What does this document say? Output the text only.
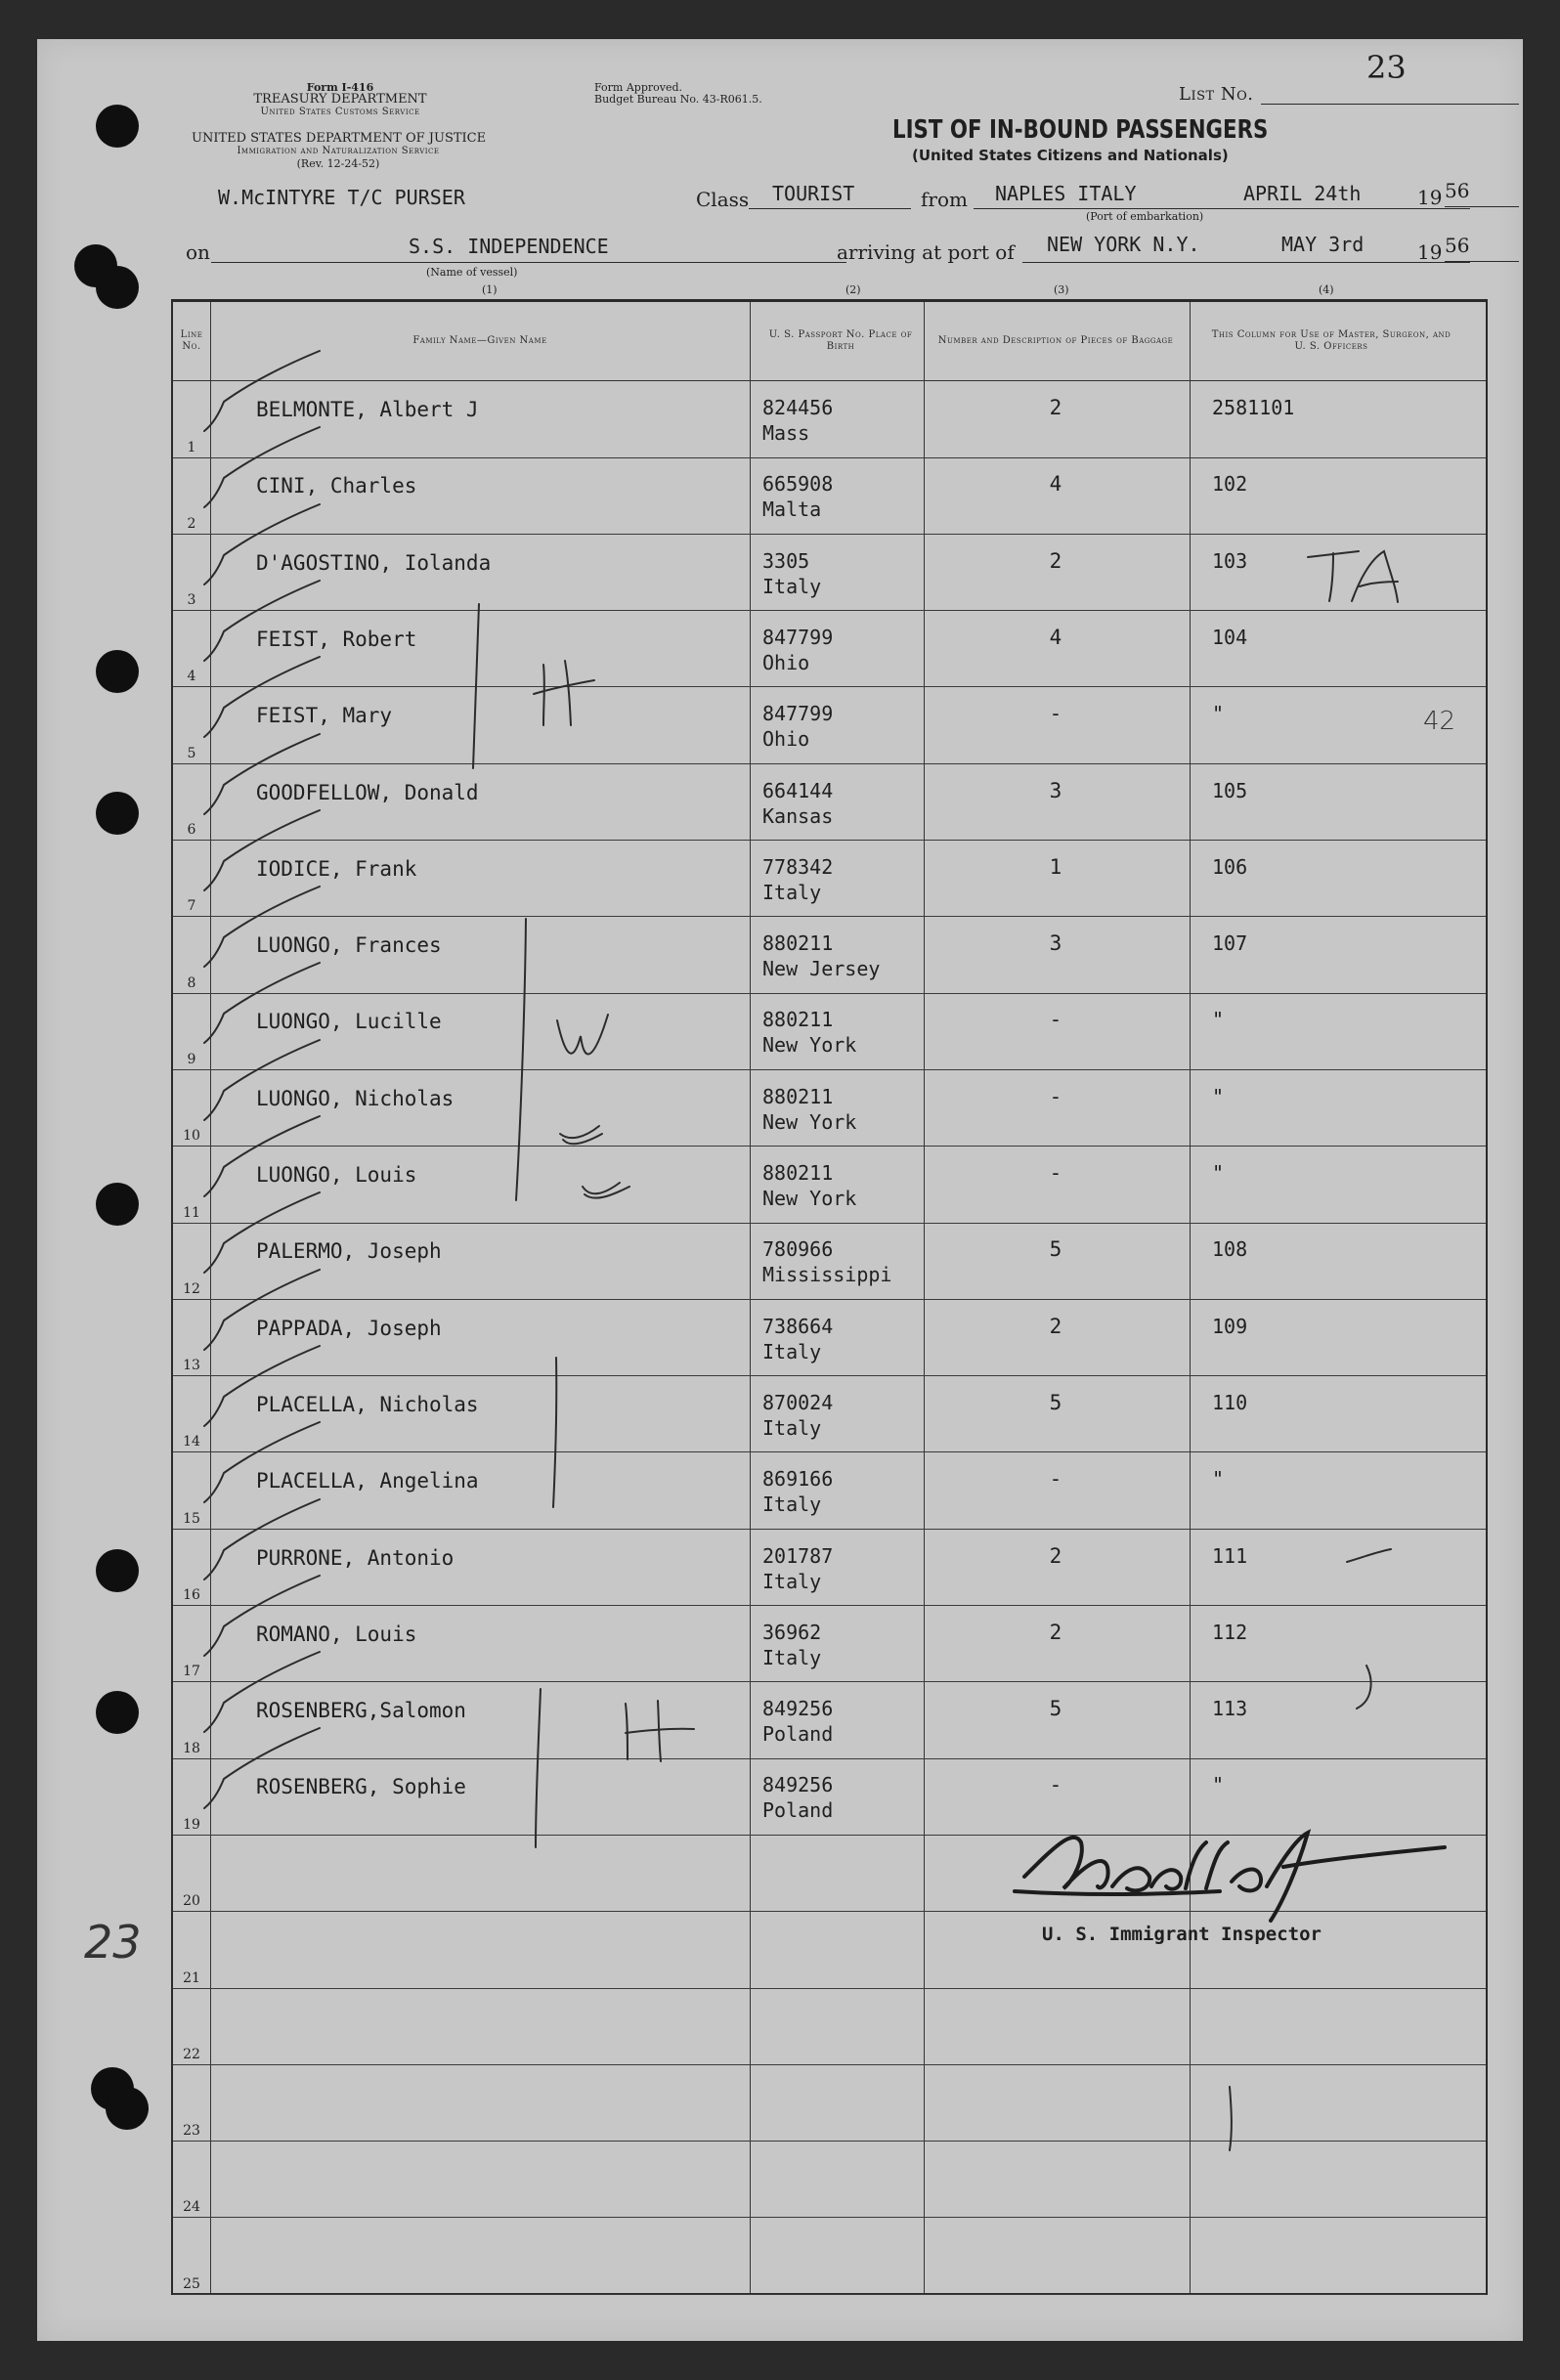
Form I-416
TREASURY DEPARTMENT
United States Customs Service
UNITED STATES DEPARTMENT OF JUSTICE
Immigration and Naturalization Service
(Rev. 12-24-52)
Form Approved.
Budget Bureau No. 43-R061.5.	List No.
23
LIST OF IN-BOUND PASSENGERS
(United States Citizens and Nationals)
W.McINTYRE T/C PURSER	Class TOURIST	from NAPLES ITALY	APRIL 24th	19 56
(Port of embarkation)
on	S.S. INDEPENDENCE
(Name of vessel)
arriving at port of NEW YORK N.Y.	MAY 3rd	19 56
(1)	(2)	(3)	(4)
Line No.
Family Name—Given Name
U. S. Passport No. Place of Birth
Number and Description of Pieces of Baggage
This Column for Use of Master, Surgeon, and U. S. Officers
1
BELMONTE, Albert J	824456
Mass
2	2581101
2
CINI, Charles	665908
Malta
4	102
3
D'AGOSTINO, Iolanda	3305
Italy
2	103
4
FEIST, Robert	847799
Ohio
4	104
5
FEIST, Mary	847799
Ohio
-	"
6
GOODFELLOW, Donald	664144
Kansas
3	105
7
IODICE, Frank	778342
Italy
1	106
8
LUONGO, Frances	880211
New Jersey
3	107
9
LUONGO, Lucille	880211
New York
-	"
10
LUONGO, Nicholas	880211
New York
-	"
11
LUONGO, Louis	880211
New York
-	"
12
PALERMO, Joseph	780966
Mississippi
5	108
13
PAPPADA, Joseph	738664
Italy
2	109
14
PLACELLA, Nicholas	870024
Italy
5	110
15
PLACELLA, Angelina	869166
Italy
-	"
16
PURRONE, Antonio	201787
Italy
2	111
17
ROMANO, Louis	36962
Italy
2	112
18
ROSENBERG,Salomon	849256
Poland
5	113
19
ROSENBERG, Sophie	849256
Poland
-	"
20
21
22
23
24
25
42
23	U. S. Immigrant Inspector
